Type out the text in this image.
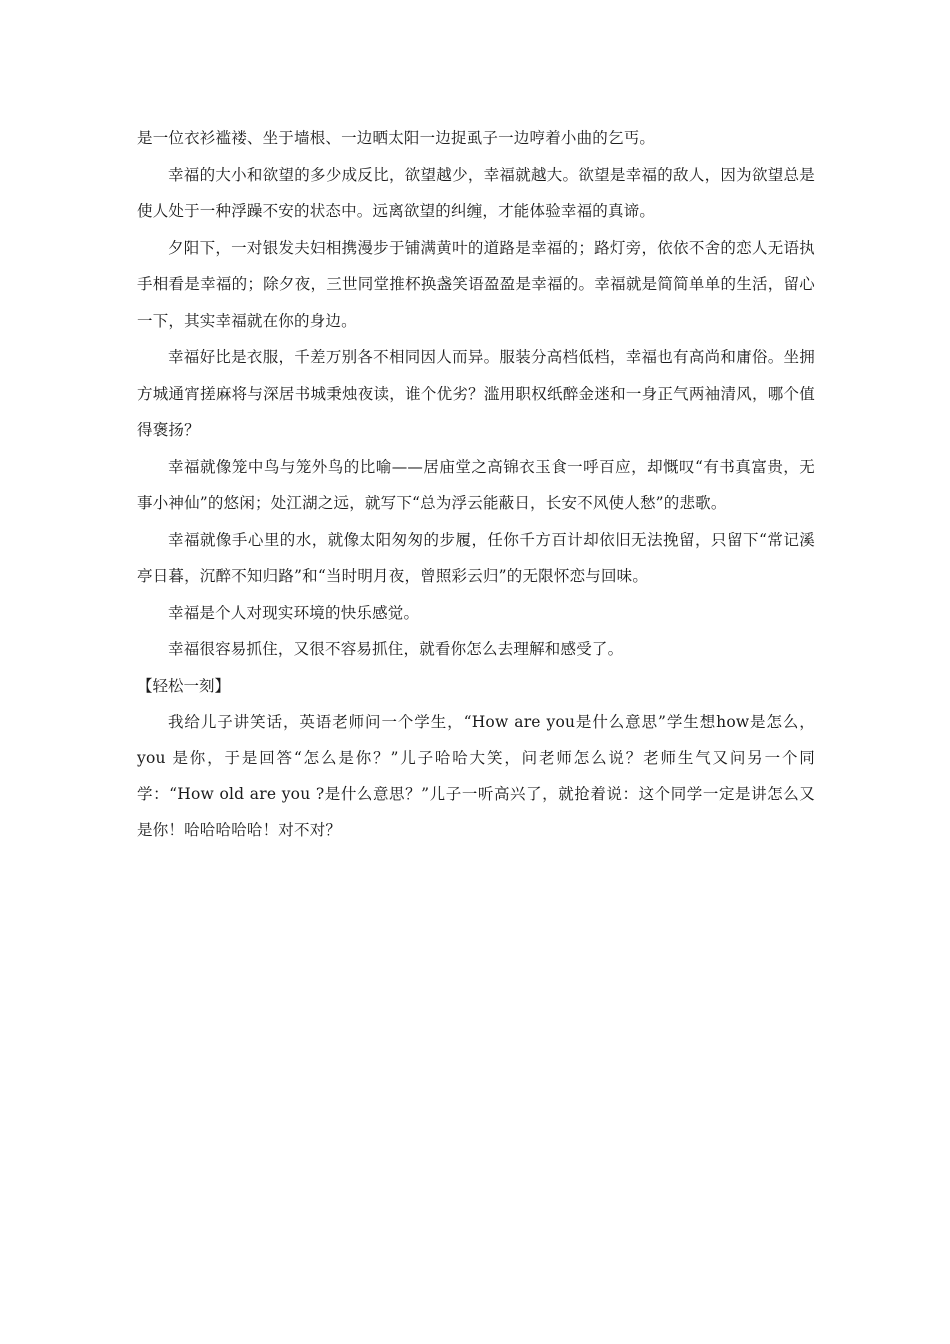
是一位衣衫褴褛、坐于墙根、一边晒太阳一边捉虱子一边哼着小曲的乞丐。

幸福的大小和欲望的多少成反比，欲望越少，幸福就越大。欲望是幸福的敌人，因为欲望总是使人处于一种浮躁不安的状态中。远离欲望的纠缠，才能体验幸福的真谛。

夕阳下，一对银发夫妇相携漫步于铺满黄叶的道路是幸福的；路灯旁，依依不舍的恋人无语执手相看是幸福的；除夕夜，三世同堂推杯换盏笑语盈盈是幸福的。幸福就是简简单单的生活，留心一下，其实幸福就在你的身边。

幸福好比是衣服，千差万别各不相同因人而异。服装分高档低档，幸福也有高尚和庸俗。坐拥方城通宵搓麻将与深居书城秉烛夜读，谁个优劣？滥用职权纸醉金迷和一身正气两袖清风，哪个值得褒扬？

幸福就像笼中鸟与笼外鸟的比喻——居庙堂之高锦衣玉食一呼百应，却慨叹“有书真富贵，无事小神仙”的悠闲；处江湖之远，就写下“总为浮云能蔽日，长安不风使人愁”的悲歌。

幸福就像手心里的水，就像太阳匆匆的步履，任你千方百计却依旧无法挽留，只留下“常记溪亭日暮，沉醉不知归路”和“当时明月夜，曾照彩云归”的无限怀恋与回味。

幸福是个人对现实环境的快乐感觉。

幸福很容易抓住，又很不容易抓住，就看你怎么去理解和感受了。

【轻松一刻】

我给儿子讲笑话，英语老师问一个学生，“How are you是什么意思”学生想how是怎么，you 是你，于是回答“怎么是你？”儿子哈哈大笑，问老师怎么说？老师生气又问另一个同学：“How old are you ?是什么意思？”儿子一听高兴了，就抢着说：这个同学一定是讲怎么又是你！哈哈哈哈哈！对不对？
